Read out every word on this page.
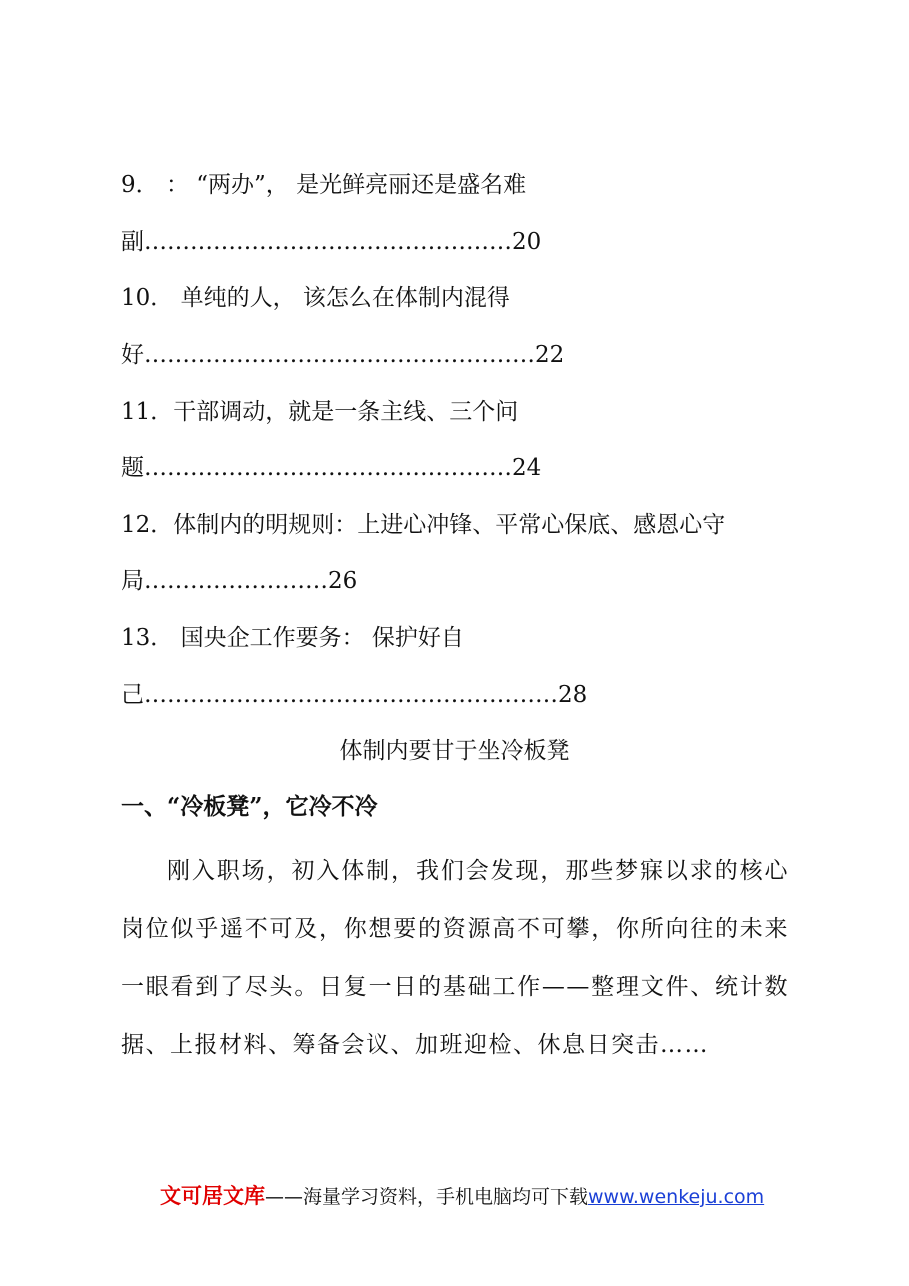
9． ： “两办”， 是光鲜亮丽还是盛名难
副…………………………………………20
10． 单纯的人， 该怎么在体制内混得
好……………………………………………22
11．干部调动，就是一条主线、三个问
题…………………………………………24
12．体制内的明规则：上进心冲锋、平常心保底、感恩心守
局……………………26
13． 国央企工作要务： 保护好自
己………………………………………………28
体制内要甘于坐冷板凳
一、“冷板凳”，它冷不冷
刚入职场，初入体制，我们会发现，那些梦寐以求的核心岗位似乎遥不可及，你想要的资源高不可攀，你所向往的未来一眼看到了尽头。日复一日的基础工作——整理文件、统计数据、上报材料、筹备会议、加班迎检、休息日突击……
文可居文库——海量学习资料，手机电脑均可下载www.wenkeju.com
